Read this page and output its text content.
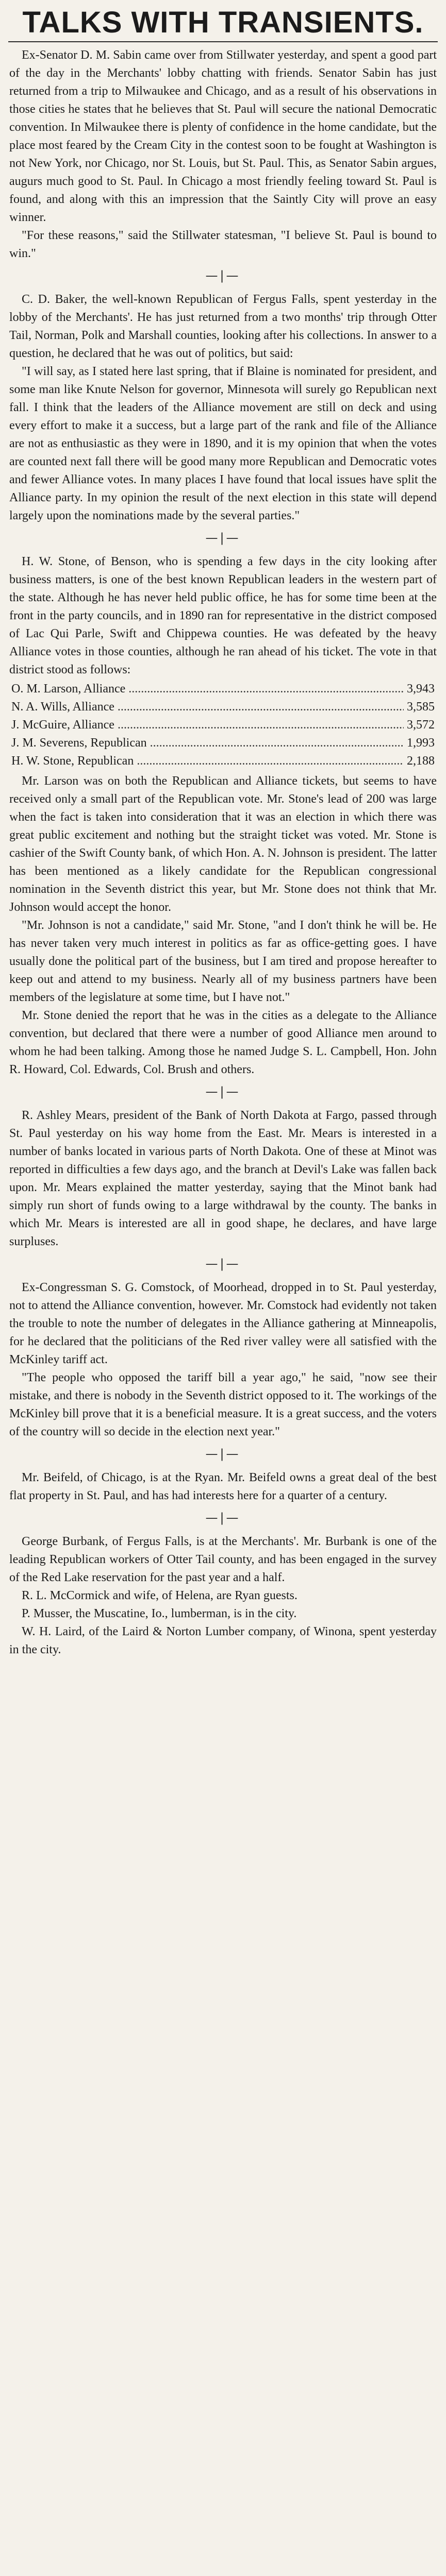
TALKS WITH TRANSIENTS.

Ex-Senator D. M. Sabin came over from Stillwater yesterday, and spent a good part of the day in the Merchants' lobby chatting with friends. Senator Sabin has just returned from a trip to Milwaukee and Chicago, and as a result of his observations in those cities he states that he believes that St. Paul will secure the national Democratic convention. In Milwaukee there is plenty of confidence in the home candidate, but the place most feared by the Cream City in the contest soon to be fought at Washington is not New York, nor Chicago, nor St. Louis, but St. Paul. This, as Senator Sabin argues, augurs much good to St. Paul. In Chicago a most friendly feeling toward St. Paul is found, and along with this an impression that the Saintly City will prove an easy winner.

"For these reasons," said the Stillwater statesman, "I believe St. Paul is bound to win."

—|—

C. D. Baker, the well-known Republican of Fergus Falls, spent yesterday in the lobby of the Merchants'. He has just returned from a two months' trip through Otter Tail, Norman, Polk and Marshall counties, looking after his collections. In answer to a question, he declared that he was out of politics, but said:

"I will say, as I stated here last spring, that if Blaine is nominated for president, and some man like Knute Nelson for governor, Minnesota will surely go Republican next fall. I think that the leaders of the Alliance movement are still on deck and using every effort to make it a success, but a large part of the rank and file of the Alliance are not as enthusiastic as they were in 1890, and it is my opinion that when the votes are counted next fall there will be good many more Republican and Democratic votes and fewer Alliance votes. In many places I have found that local issues have split the Alliance party. In my opinion the result of the next election in this state will depend largely upon the nominations made by the several parties."

—|—

H. W. Stone, of Benson, who is spending a few days in the city looking after business matters, is one of the best known Republican leaders in the western part of the state. Although he has never held public office, he has for some time been at the front in the party councils, and in 1890 ran for representative in the district composed of Lac Qui Parle, Swift and Chippewa counties. He was defeated by the heavy Alliance votes in those counties, although he ran ahead of his ticket. The vote in that district stood as follows:

O. M. Larson, Alliance .....	3,943
N. A. Wills, Alliance .....	3,585
J. McGuire, Alliance .....	3,572
J. M. Severens, Republican .....	1,993
H. W. Stone, Republican .....	2,188

Mr. Larson was on both the Republican and Alliance tickets, but seems to have received only a small part of the Republican vote. Mr. Stone's lead of 200 was large when the fact is taken into consideration that it was an election in which there was great public excitement and nothing but the straight ticket was voted. Mr. Stone is cashier of the Swift County bank, of which Hon. A. N. Johnson is president. The latter has been mentioned as a likely candidate for the Republican congressional nomination in the Seventh district this year, but Mr. Stone does not think that Mr. Johnson would accept the honor.

"Mr. Johnson is not a candidate," said Mr. Stone, "and I don't think he will be. He has never taken very much interest in politics as far as office-getting goes. I have usually done the political part of the business, but I am tired and propose hereafter to keep out and attend to my business. Nearly all of my business partners have been members of the legislature at some time, but I have not."

Mr. Stone denied the report that he was in the cities as a delegate to the Alliance convention, but declared that there were a number of good Alliance men around to whom he had been talking. Among those he named Judge S. L. Campbell, Hon. John R. Howard, Col. Edwards, Col. Brush and others.

—|—

R. Ashley Mears, president of the Bank of North Dakota at Fargo, passed through St. Paul yesterday on his way home from the East. Mr. Mears is interested in a number of banks located in various parts of North Dakota. One of these at Minot was reported in difficulties a few days ago, and the branch at Devil's Lake was fallen back upon. Mr. Mears explained the matter yesterday, saying that the Minot bank had simply run short of funds owing to a large withdrawal by the county. The banks in which Mr. Mears is interested are all in good shape, he declares, and have large surpluses.

—|—

Ex-Congressman S. G. Comstock, of Moorhead, dropped in to St. Paul yesterday, not to attend the Alliance convention, however. Mr. Comstock had evidently not taken the trouble to note the number of delegates in the Alliance gathering at Minneapolis, for he declared that the politicians of the Red river valley were all satisfied with the McKinley tariff act.

"The people who opposed the tariff bill a year ago," he said, "now see their mistake, and there is nobody in the Seventh district opposed to it. The workings of the McKinley bill prove that it is a beneficial measure. It is a great success, and the voters of the country will so decide in the election next year."

—|—

Mr. Beifeld, of Chicago, is at the Ryan. Mr. Beifeld owns a great deal of the best flat property in St. Paul, and has had interests here for a quarter of a century.

—|—

George Burbank, of Fergus Falls, is at the Merchants'. Mr. Burbank is one of the leading Republican workers of Otter Tail county, and has been engaged in the survey of the Red Lake reservation for the past year and a half.

R. L. McCormick and wife, of Helena, are Ryan guests.

P. Musser, the Muscatine, Io., lumberman, is in the city.

W. H. Laird, of the Laird & Norton Lumber company, of Winona, spent yesterday in the city.
